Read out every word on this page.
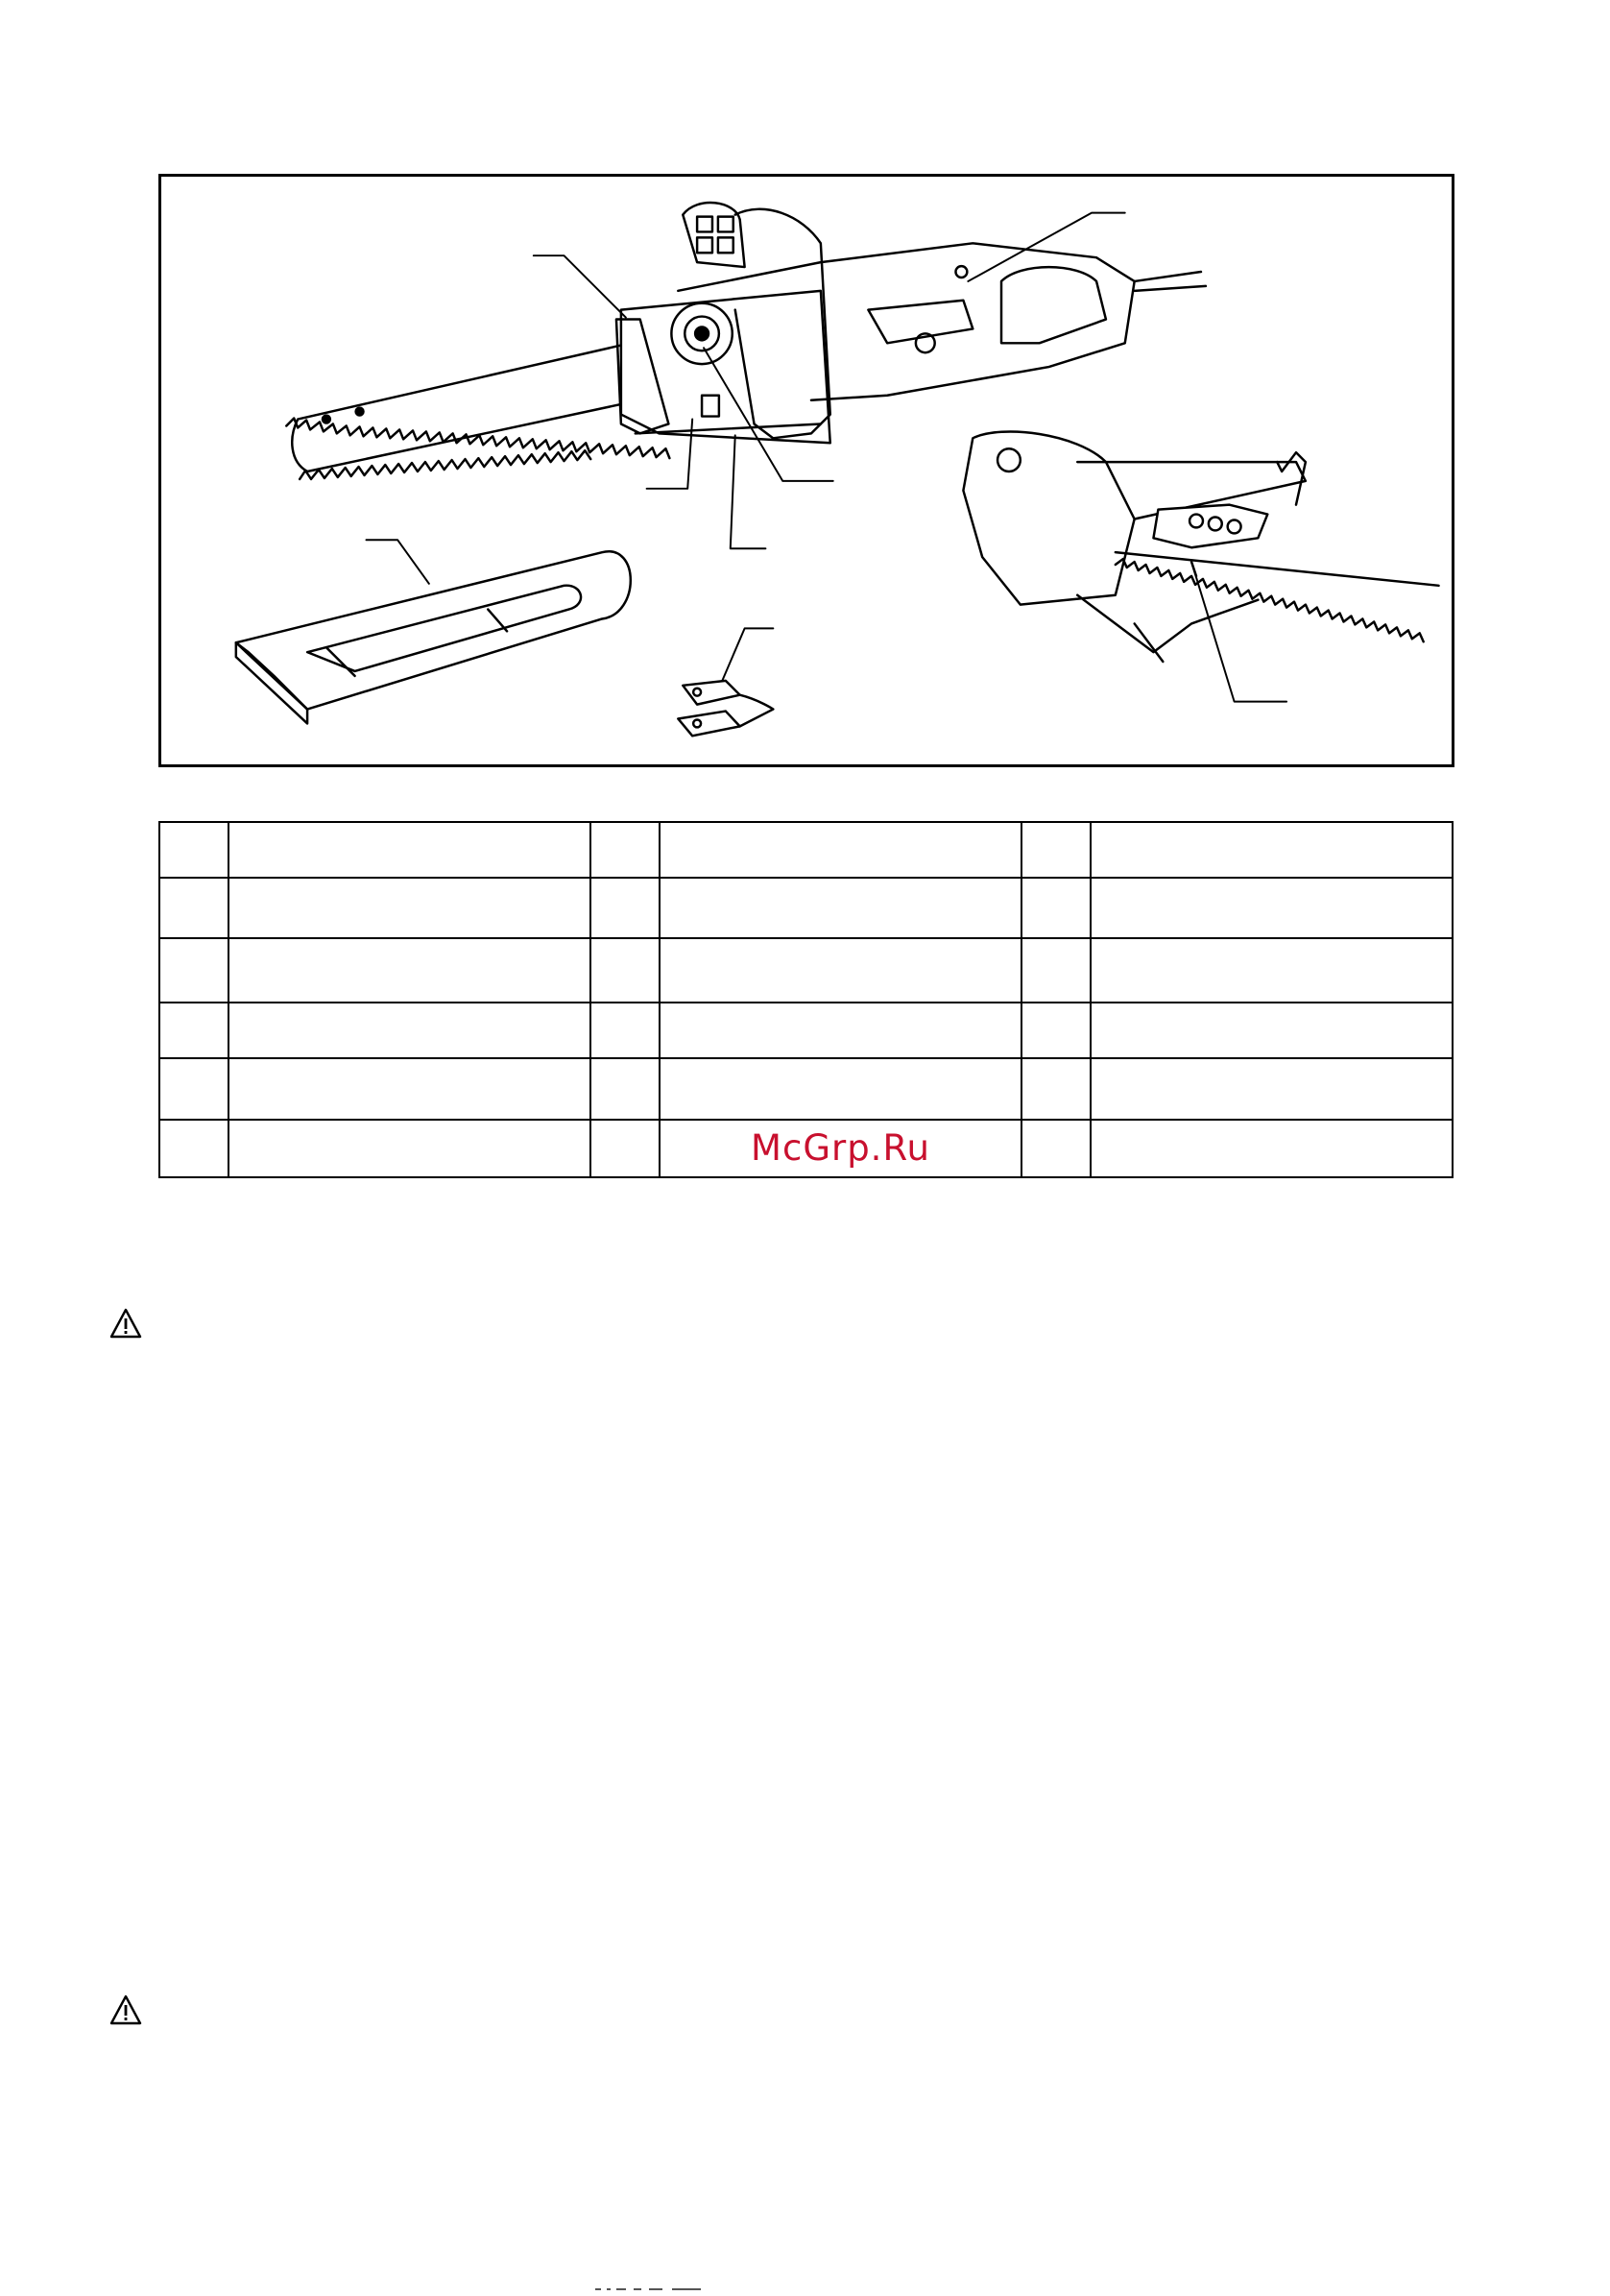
			McGrp.Ru		
